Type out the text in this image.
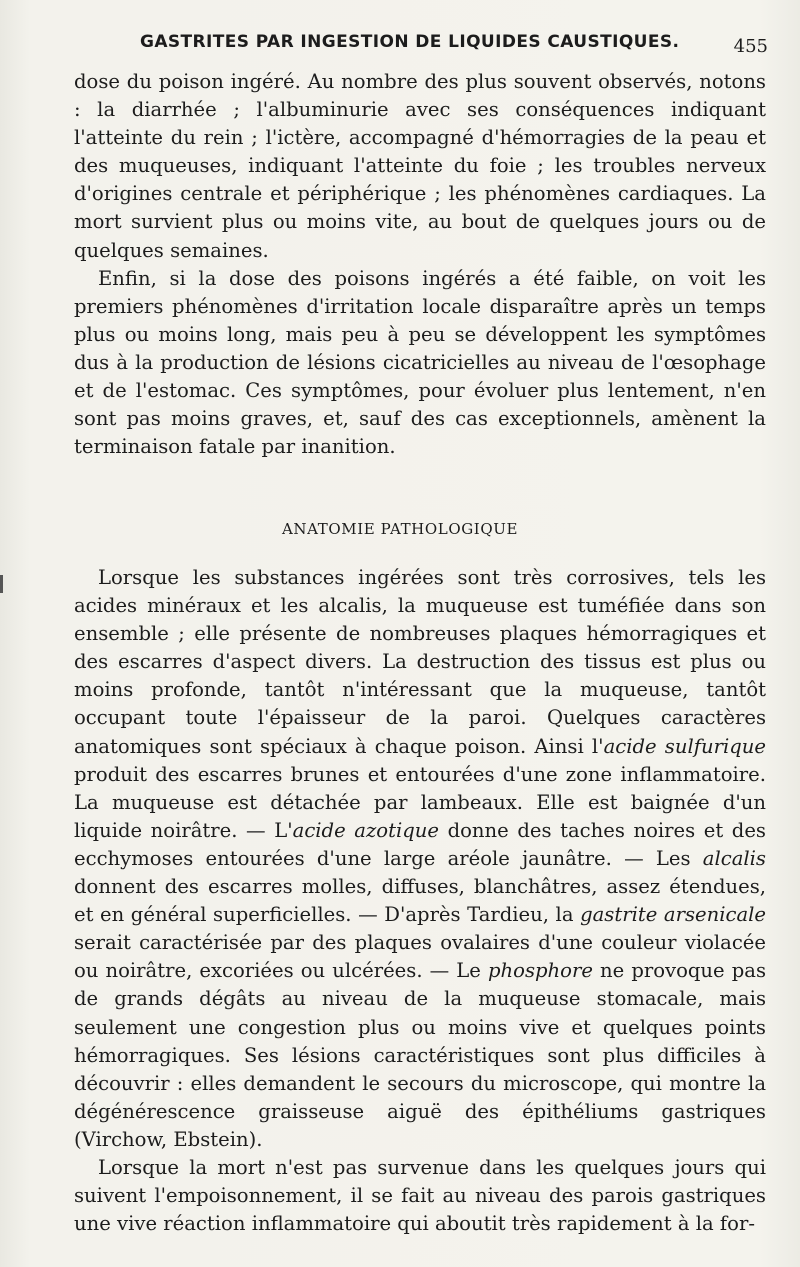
GASTRITES PAR INGESTION DE LIQUIDES CAUSTIQUES.	455

dose du poison ingéré. Au nombre des plus souvent observés, notons : la diarrhée ; l'albuminurie avec ses conséquences indiquant l'atteinte du rein ; l'ictère, accompagné d'hémorragies de la peau et des muqueuses, indiquant l'atteinte du foie ; les troubles nerveux d'origines centrale et périphérique ; les phénomènes cardiaques. La mort survient plus ou moins vite, au bout de quelques jours ou de quelques semaines.

Enfin, si la dose des poisons ingérés a été faible, on voit les premiers phénomènes d'irritation locale disparaître après un temps plus ou moins long, mais peu à peu se développent les symptômes dus à la production de lésions cicatricielles au niveau de l'œsophage et de l'estomac. Ces symptômes, pour évoluer plus lentement, n'en sont pas moins graves, et, sauf des cas exceptionnels, amènent la terminaison fatale par inanition.

ANATOMIE PATHOLOGIQUE

Lorsque les substances ingérées sont très corrosives, tels les acides minéraux et les alcalis, la muqueuse est tuméfiée dans son ensemble ; elle présente de nombreuses plaques hémorragiques et des escarres d'aspect divers. La destruction des tissus est plus ou moins profonde, tantôt n'intéressant que la muqueuse, tantôt occupant toute l'épaisseur de la paroi. Quelques caractères anatomiques sont spéciaux à chaque poison. Ainsi l'acide sulfurique produit des escarres brunes et entourées d'une zone inflammatoire. La muqueuse est détachée par lambeaux. Elle est baignée d'un liquide noirâtre. — L'acide azotique donne des taches noires et des ecchymoses entourées d'une large aréole jaunâtre. — Les alcalis donnent des escarres molles, diffuses, blanchâtres, assez étendues, et en général superficielles. — D'après Tardieu, la gastrite arsenicale serait caractérisée par des plaques ovalaires d'une couleur violacée ou noirâtre, excoriées ou ulcérées. — Le phosphore ne provoque pas de grands dégâts au niveau de la muqueuse stomacale, mais seulement une congestion plus ou moins vive et quelques points hémorragiques. Ses lésions caractéristiques sont plus difficiles à découvrir : elles demandent le secours du microscope, qui montre la dégénérescence graisseuse aiguë des épithéliums gastriques (Virchow, Ebstein).

Lorsque la mort n'est pas survenue dans les quelques jours qui suivent l'empoisonnement, il se fait au niveau des parois gastriques une vive réaction inflammatoire qui aboutit très rapidement à la for-
